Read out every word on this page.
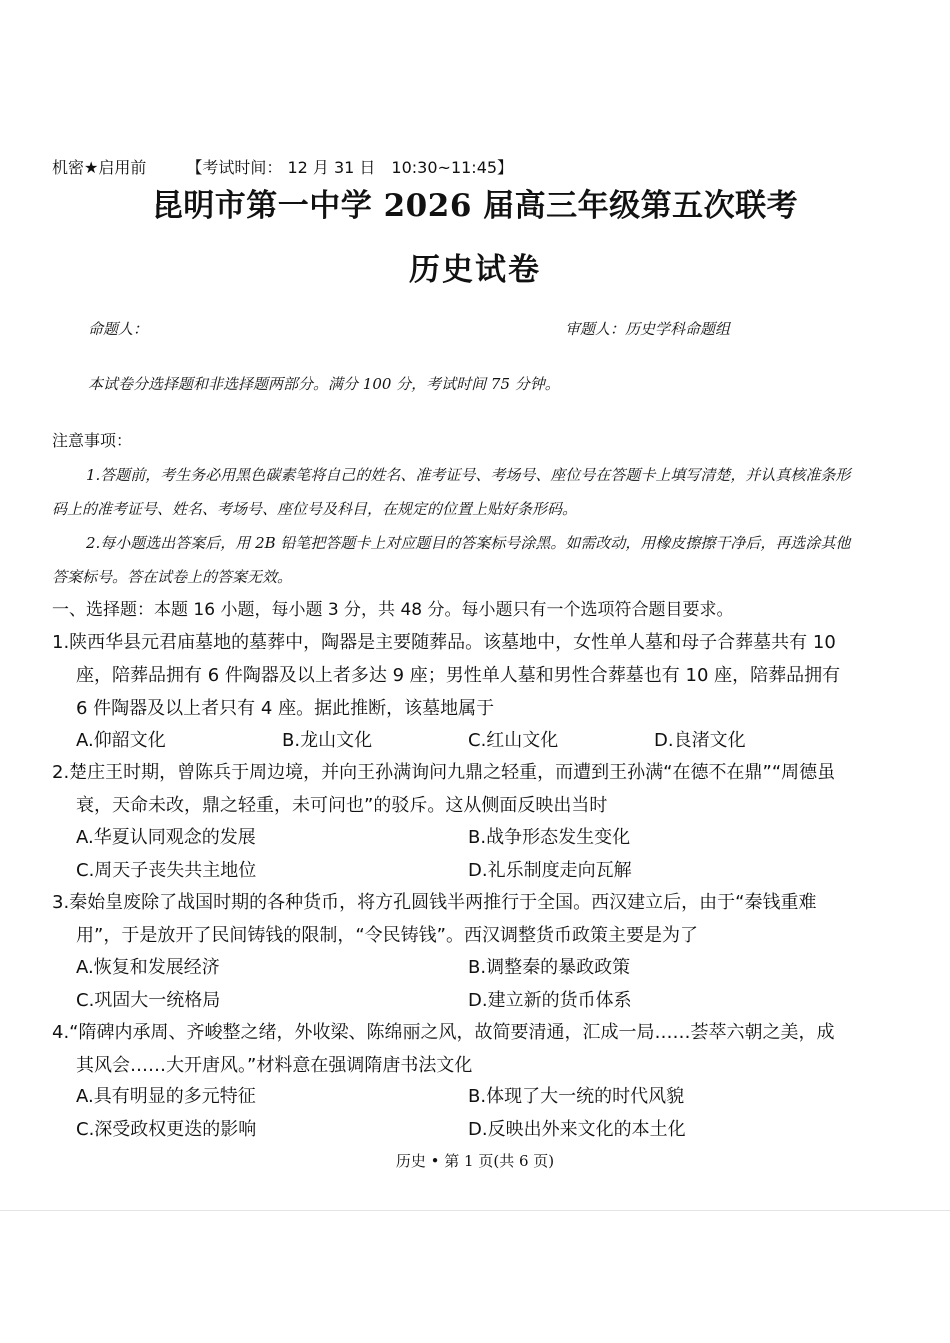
机密★启用前	【考试时间： 12 月 31 日　10:30~11:45】
昆明市第一中学 2026 届高三年级第五次联考
历史试卷
命题人：	审题人：历史学科命题组
本试卷分选择题和非选择题两部分。满分 100 分，考试时间 75 分钟。
注意事项：
1.答题前，考生务必用黑色碳素笔将自己的姓名、准考证号、考场号、座位号在答题卡上填写清楚，并认真核准条形码上的准考证号、姓名、考场号、座位号及科目，在规定的位置上贴好条形码。
2.每小题选出答案后，用 2B 铅笔把答题卡上对应题目的答案标号涂黑。如需改动，用橡皮擦擦干净后，再选涂其他答案标号。答在试卷上的答案无效。
一、选择题：本题 16 小题，每小题 3 分，共 48 分。每小题只有一个选项符合题目要求。
1.陕西华县元君庙墓地的墓葬中，陶器是主要随葬品。该墓地中，女性单人墓和母子合葬墓共有 10 座，陪葬品拥有 6 件陶器及以上者多达 9 座；男性单人墓和男性合葬墓也有 10 座，陪葬品拥有 6 件陶器及以上者只有 4 座。据此推断，该墓地属于
A.仰韶文化	B.龙山文化	C.红山文化	D.良渚文化
2.楚庄王时期，曾陈兵于周边境，并向王孙满询问九鼎之轻重，而遭到王孙满“在德不在鼎”“周德虽衰，天命未改，鼎之轻重，未可问也”的驳斥。这从侧面反映出当时
A.华夏认同观念的发展	B.战争形态发生变化
C.周天子丧失共主地位	D.礼乐制度走向瓦解
3.秦始皇废除了战国时期的各种货币，将方孔圆钱半两推行于全国。西汉建立后，由于“秦钱重难用”，于是放开了民间铸钱的限制，“令民铸钱”。西汉调整货币政策主要是为了
A.恢复和发展经济	B.调整秦的暴政政策
C.巩固大一统格局	D.建立新的货币体系
4.“隋碑内承周、齐峻整之绪，外收梁、陈绵丽之风，故简要清通，汇成一局……荟萃六朝之美，成其风会……大开唐风。”材料意在强调隋唐书法文化
A.具有明显的多元特征	B.体现了大一统的时代风貌
C.深受政权更迭的影响	D.反映出外来文化的本土化
历史 • 第 1 页(共 6 页)
